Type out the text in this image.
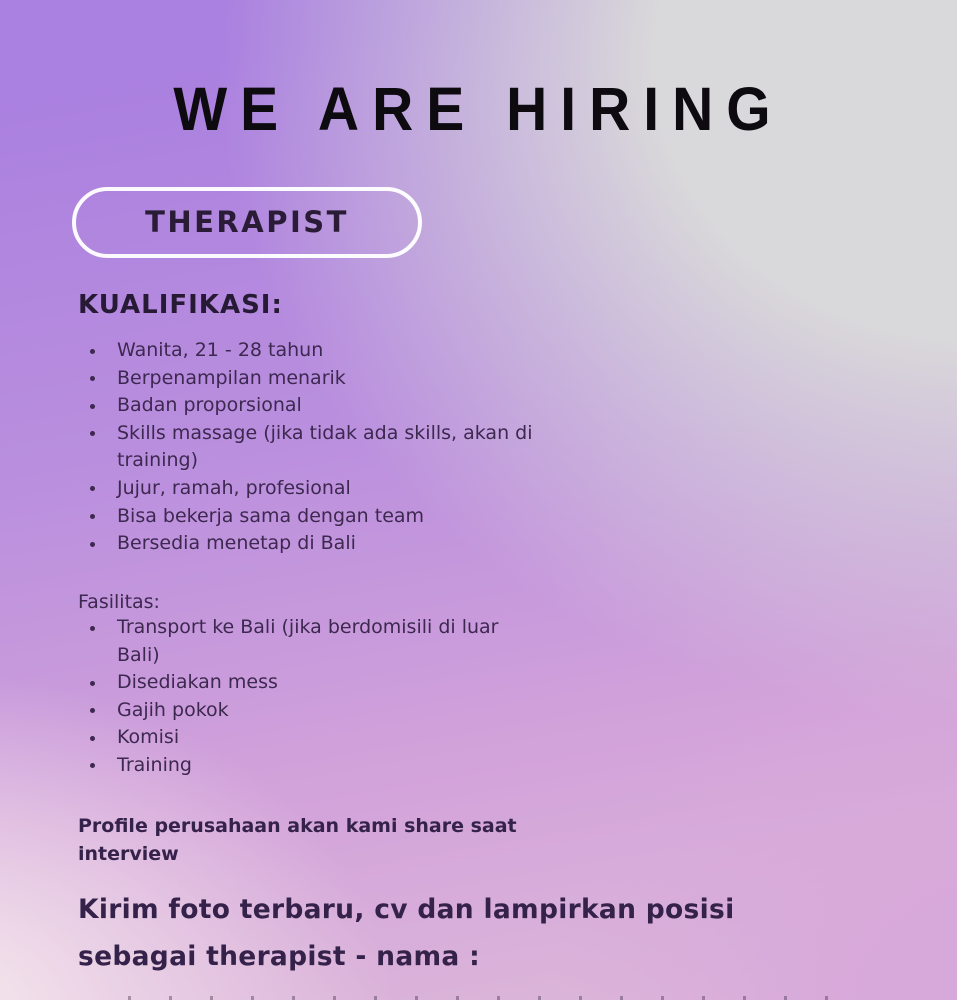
WE ARE HIRING
THERAPIST
KUALIFIKASI:
Wanita, 21 - 28 tahun
Berpenampilan menarik
Badan proporsional
Skills massage (jika tidak ada skills, akan di training)
Jujur, ramah, profesional
Bisa bekerja sama dengan team
Bersedia menetap di Bali
Fasilitas:
Transport ke Bali (jika berdomisili di luar Bali)
Disediakan mess
Gajih pokok
Komisi
Training
Profile perusahaan akan kami share saat interview
Kirim foto terbaru, cv dan lampirkan posisi sebagai therapist - nama :
